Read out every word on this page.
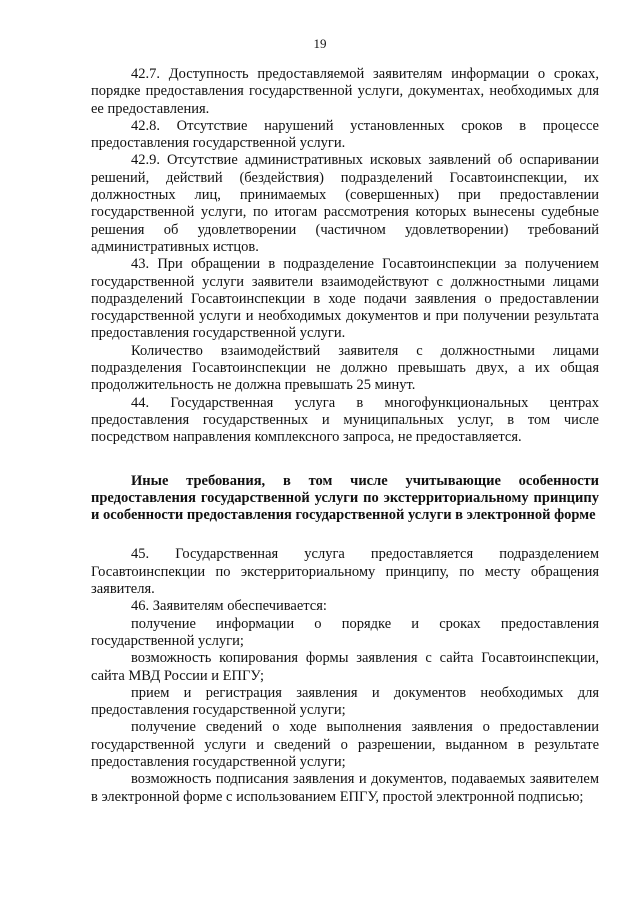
19

42.7. Доступность предоставляемой заявителям информации о сроках, порядке предоставления государственной услуги, документах, необходимых для ее предоставления.

42.8. Отсутствие нарушений установленных сроков в процессе предоставления государственной услуги.

42.9. Отсутствие административных исковых заявлений об оспаривании решений, действий (бездействия) подразделений Госавтоинспекции, их должностных лиц, принимаемых (совершенных) при предоставлении государственной услуги, по итогам рассмотрения которых вынесены судебные решения об удовлетворении (частичном удовлетворении) требований административных истцов.

43. При обращении в подразделение Госавтоинспекции за получением государственной услуги заявители взаимодействуют с должностными лицами подразделений Госавтоинспекции в ходе подачи заявления о предоставлении государственной услуги и необходимых документов и при получении результата предоставления государственной услуги.

Количество взаимодействий заявителя с должностными лицами подразделения Госавтоинспекции не должно превышать двух, а их общая продолжительность не должна превышать 25 минут.

44. Государственная услуга в многофункциональных центрах предоставления государственных и муниципальных услуг, в том числе посредством направления комплексного запроса, не предоставляется.

Иные требования, в том числе учитывающие особенности предоставления государственной услуги по экстерриториальному принципу и особенности предоставления государственной услуги в электронной форме

45. Государственная услуга предоставляется подразделением Госавтоинспекции по экстерриториальному принципу, по месту обращения заявителя.

46. Заявителям обеспечивается:

получение информации о порядке и сроках предоставления государственной услуги;

возможность копирования формы заявления с сайта Госавтоинспекции, сайта МВД России и ЕПГУ;

прием и регистрация заявления и документов необходимых для предоставления государственной услуги;

получение сведений о ходе выполнения заявления о предоставлении государственной услуги и сведений о разрешении, выданном в результате предоставления государственной услуги;

возможность подписания заявления и документов, подаваемых заявителем в электронной форме с использованием ЕПГУ, простой электронной подписью;
